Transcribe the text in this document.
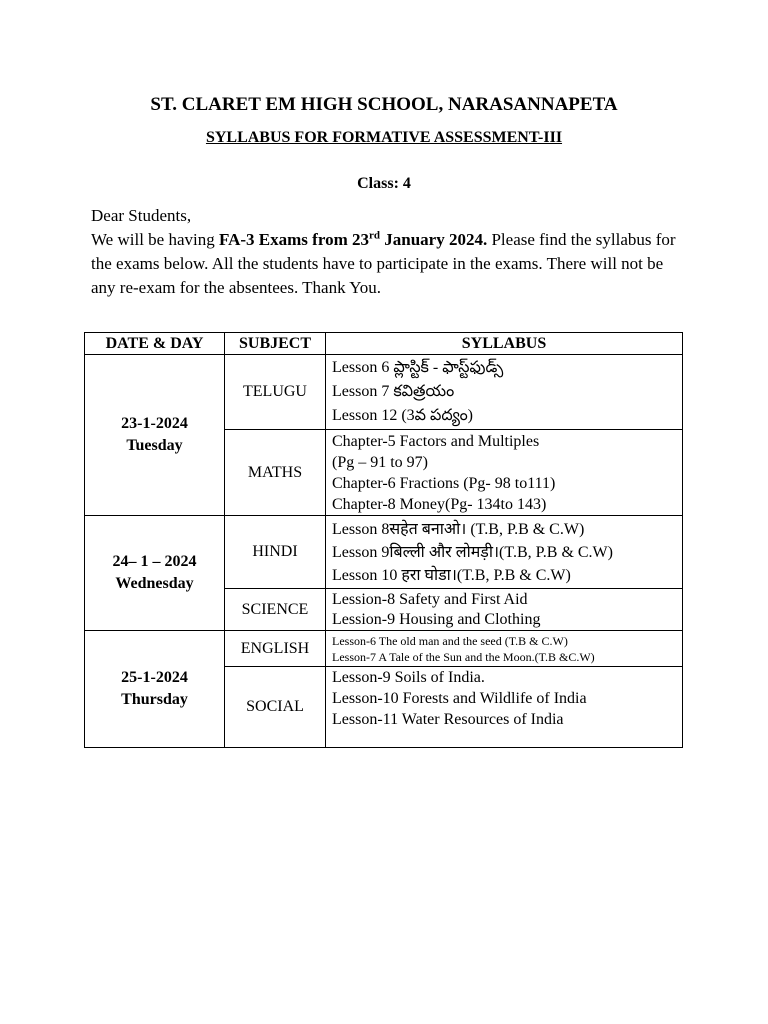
ST. CLARET EM HIGH SCHOOL, NARASANNAPETA
SYLLABUS FOR FORMATIVE ASSESSMENT-III
Class: 4

Dear Students,

We will be having FA-3 Exams from 23rd January 2024. Please find the syllabus for the exams below. All the students have to participate in the exams. There will not be any re-exam for the absentees. Thank You.

DATE & DAY	SUBJECT	SYLLABUS

23-1-2024
Tuesday	TELUGU	Lesson 6 ప్లాస్టిక్ - ఫాస్ట్‌ఫుడ్స్
Lesson 7 కవిత్రయం
Lesson 12 (3వ పద్యం)

	MATHS	Chapter-5 Factors and Multiples
(Pg – 91 to 97)
Chapter-6 Fractions (Pg- 98 to111)
Chapter-8 Money(Pg- 134to 143)

24– 1 – 2024
Wednesday	HINDI	Lesson 8सहेत बनाओ। (T.B, P.B & C.W)
Lesson 9बिल्ली और लोमड़ी।(T.B, P.B & C.W)
Lesson 10 हरा घोडा।(T.B, P.B & C.W)

	SCIENCE	Lession-8 Safety and First Aid
Lession-9 Housing and Clothing

25-1-2024
Thursday	ENGLISH	Lesson-6 The old man and the seed (T.B & C.W)
Lesson-7 A Tale of the Sun and the Moon.(T.B &C.W)

	SOCIAL	Lesson-9 Soils of India.
Lesson-10 Forests and Wildlife of India
Lesson-11 Water Resources of India
